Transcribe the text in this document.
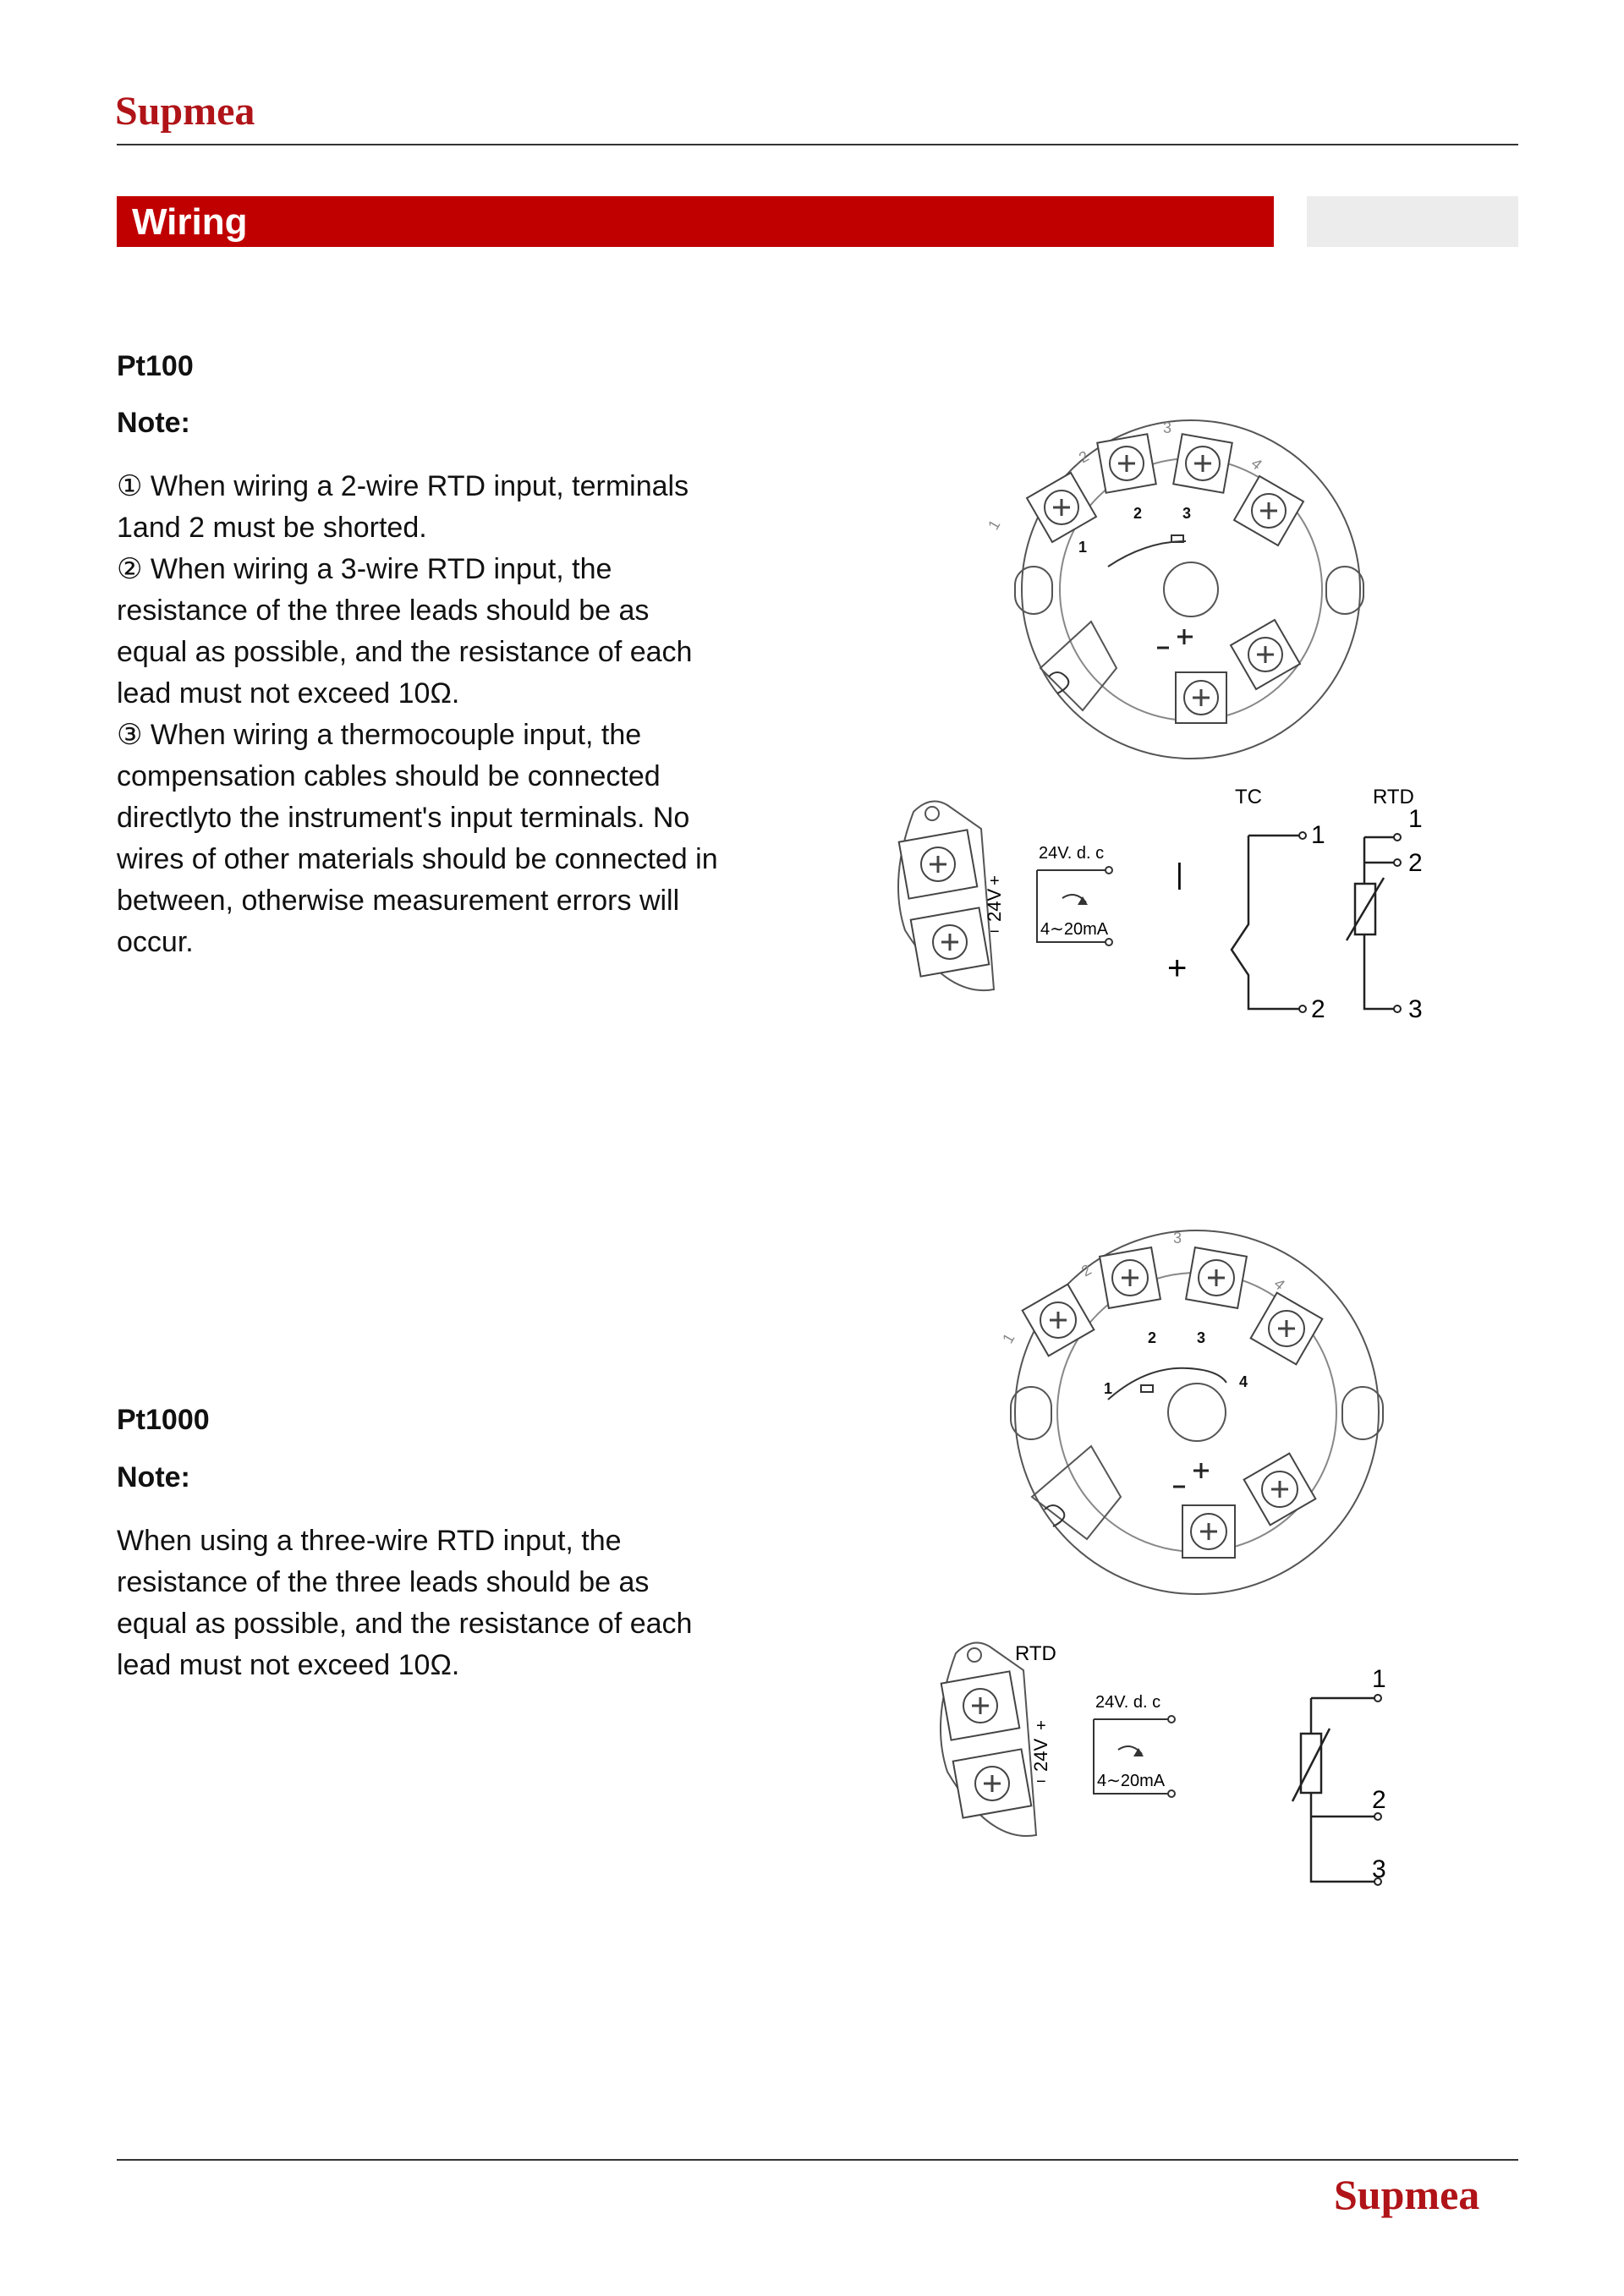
Supmea
Wiring
Pt100
Note:
① When wiring a 2-wire RTD input, terminals
1and 2 must be shorted.
② When wiring a 3-wire RTD input, the
resistance of the three leads should be as
equal as possible, and the resistance of each
lead must not exceed 10Ω.
③ When wiring a thermocouple input, the
compensation cables should be connected
directlyto the instrument's input terminals. No
wires of other materials should be connected in
between, otherwise measurement errors will
occur.
1
2
3
4
1
2	3
24V
+
−
24V. d. c
4∼20mA
TC	RTD
1
2
|
+
1
2
3
Pt1000
Note:
When using a three-wire RTD input, the
resistance of the three leads should be as
equal as possible, and the resistance of each
lead must not exceed 10Ω.
1
2
3
4
1
2	3
4
RTD
24V
+
−
24V. d. c
4∼20mA
1
2
3
Supmea
